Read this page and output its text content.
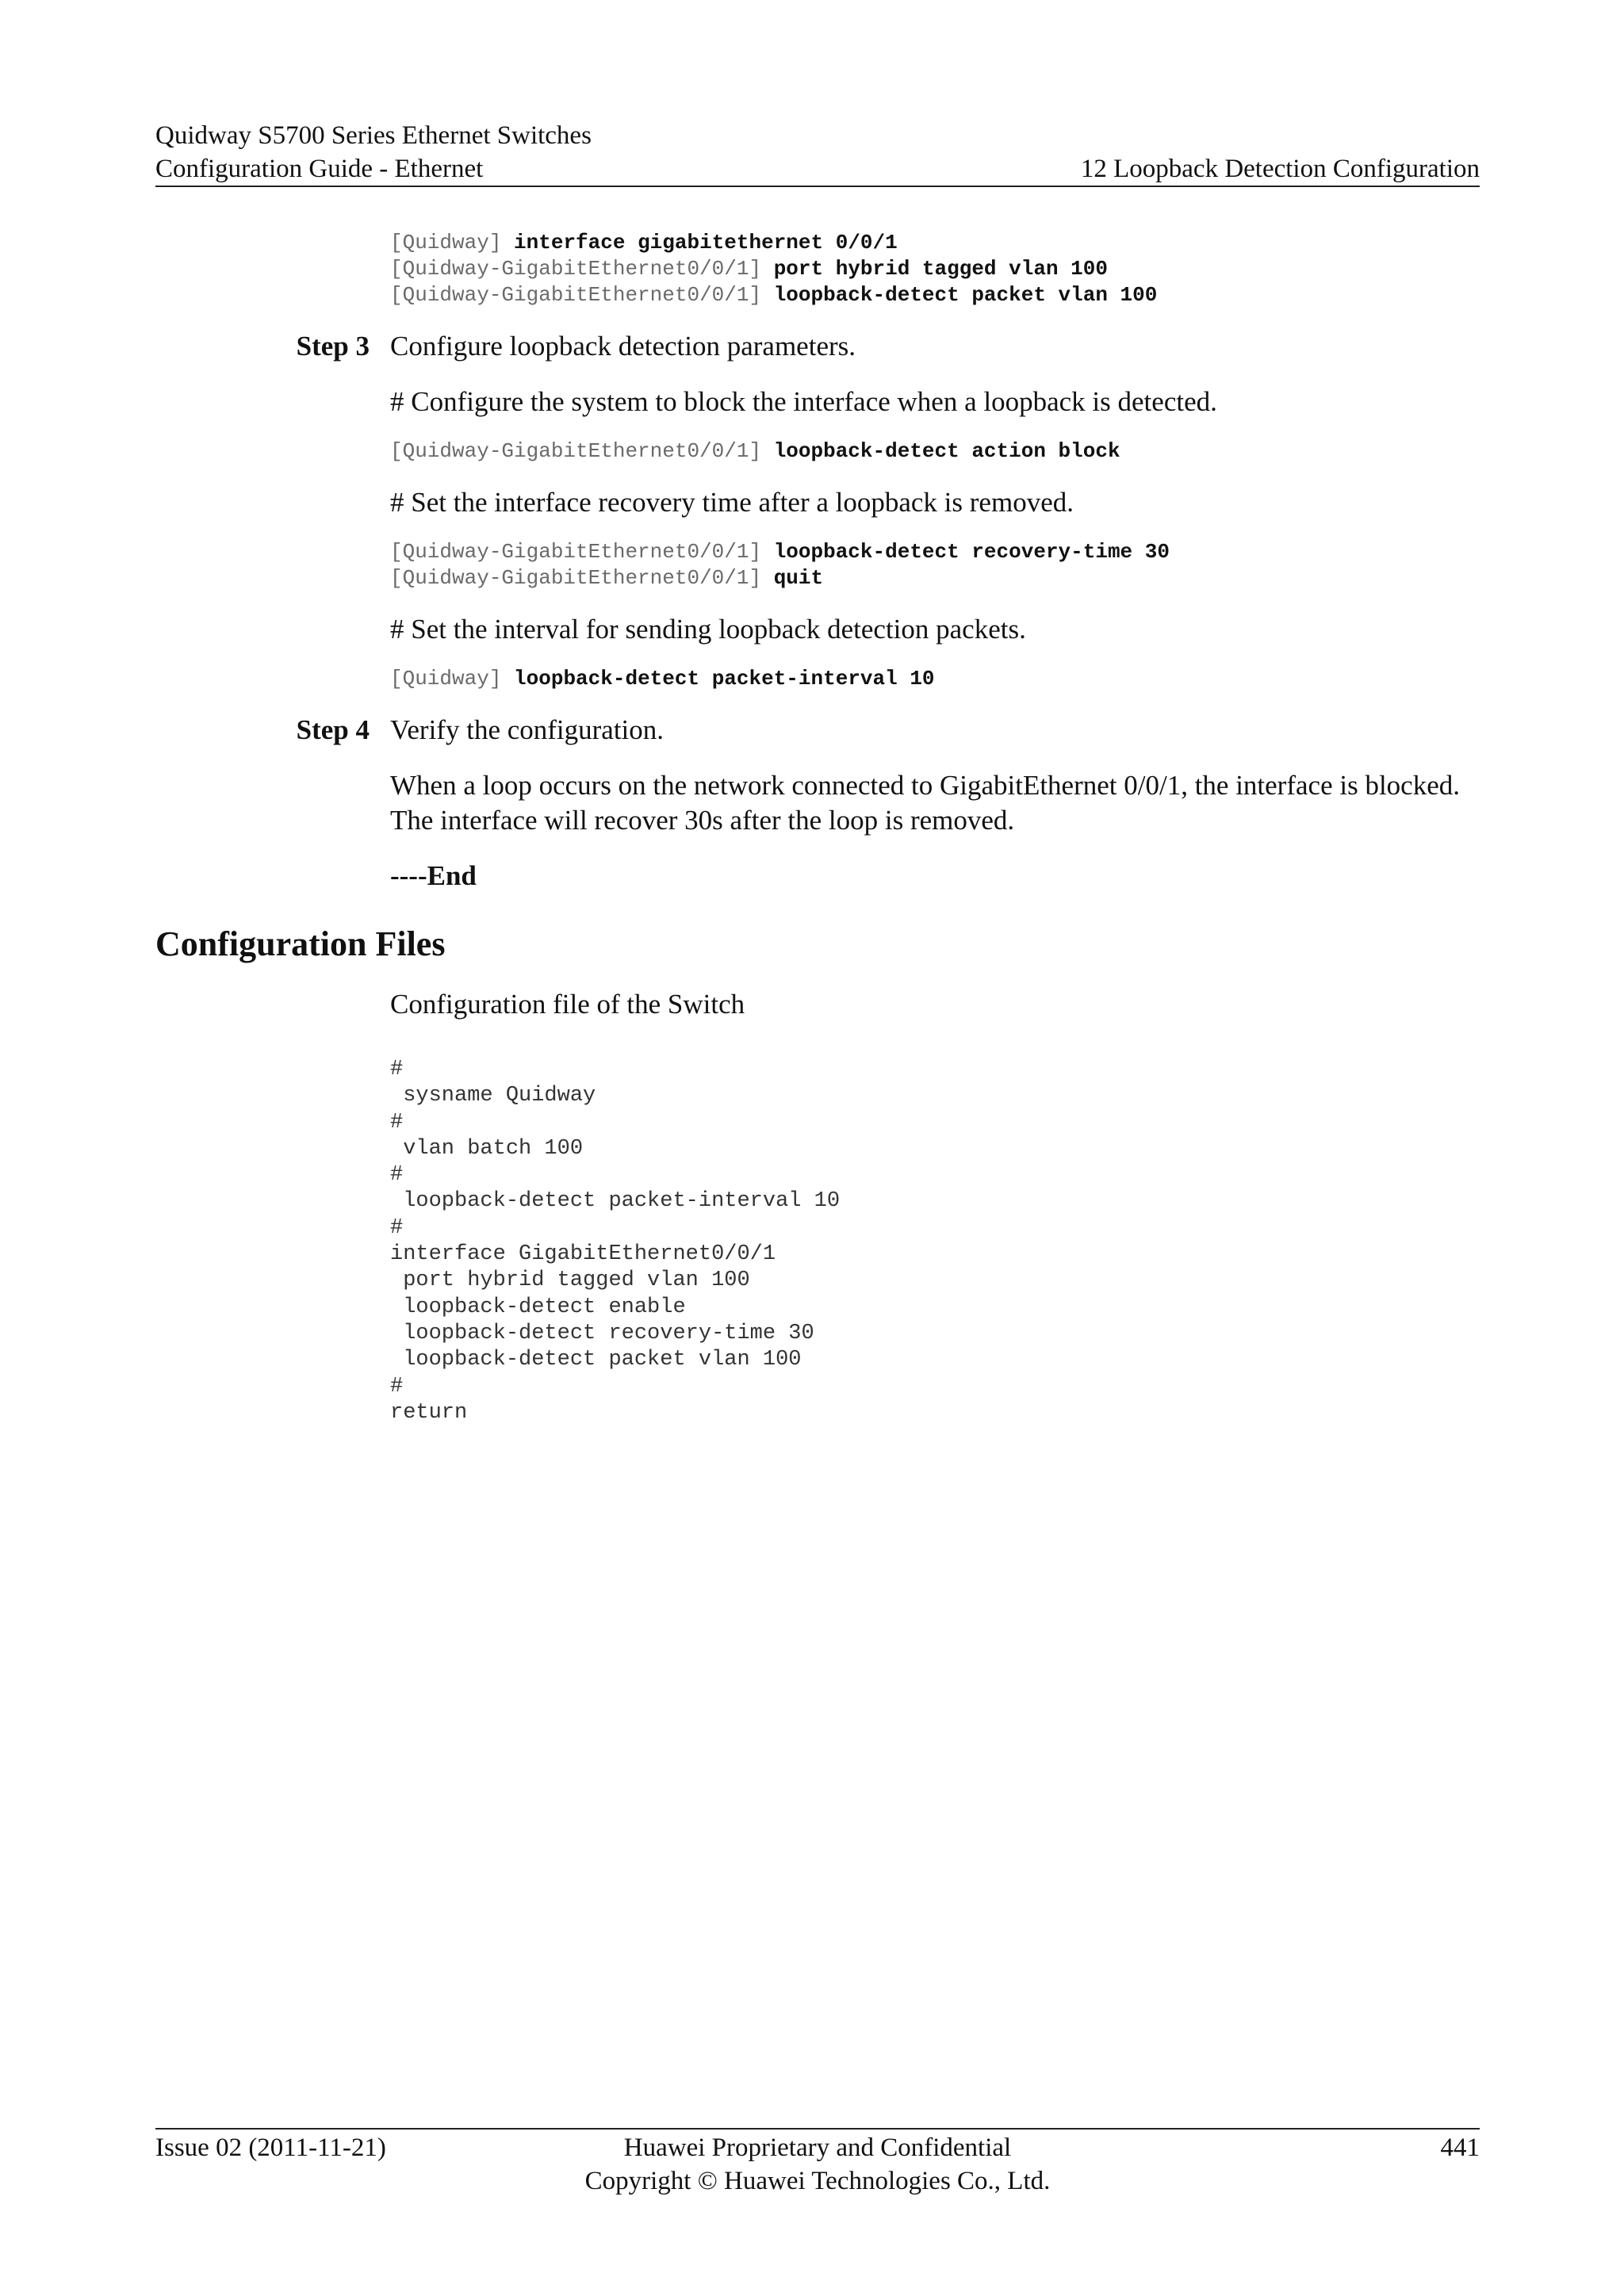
Quidway S5700 Series Ethernet Switches
Configuration Guide - Ethernet	12 Loopback Detection Configuration
[Quidway] interface gigabitethernet 0/0/1
[Quidway-GigabitEthernet0/0/1] port hybrid tagged vlan 100
[Quidway-GigabitEthernet0/0/1] loopback-detect packet vlan 100
Step 3 Configure loopback detection parameters.
# Configure the system to block the interface when a loopback is detected.
[Quidway-GigabitEthernet0/0/1] loopback-detect action block
# Set the interface recovery time after a loopback is removed.
[Quidway-GigabitEthernet0/0/1] loopback-detect recovery-time 30
[Quidway-GigabitEthernet0/0/1] quit
# Set the interval for sending loopback detection packets.
[Quidway] loopback-detect packet-interval 10
Step 4 Verify the configuration.
When a loop occurs on the network connected to GigabitEthernet 0/0/1, the interface is blocked.
The interface will recover 30s after the loop is removed.
----End
Configuration Files
Configuration file of the Switch
#
sysname Quidway
#
vlan batch 100
#
loopback-detect packet-interval 10
#
interface GigabitEthernet0/0/1
port hybrid tagged vlan 100
loopback-detect enable
loopback-detect recovery-time 30
loopback-detect packet vlan 100
#
return
Issue 02 (2011-11-21)	Huawei Proprietary and Confidential
Copyright © Huawei Technologies Co., Ltd.
441
